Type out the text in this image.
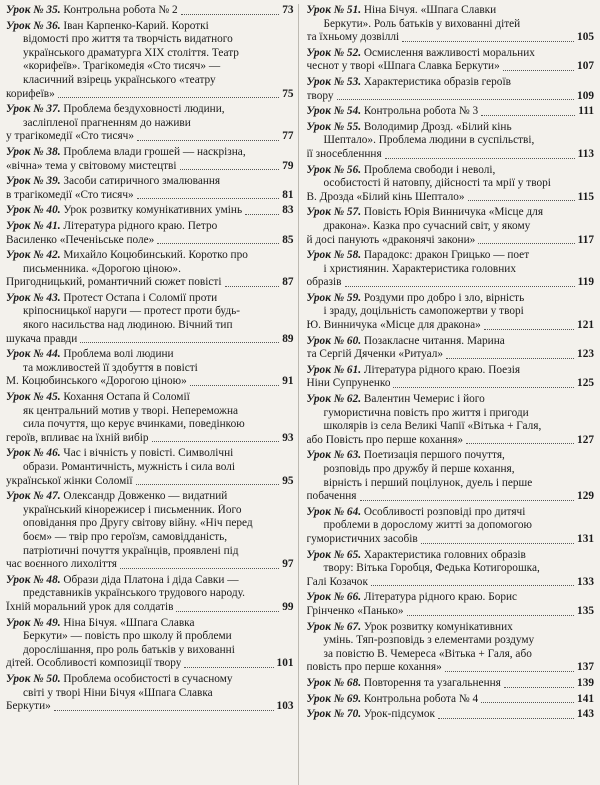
Урок № 35. Контрольна робота № 2	73
Урок № 36. Іван Карпенко-Карий. Короткі
відомості про життя та творчість видатного
українського драматурга XIX століття. Театр
«корифеїв». Трагікомедія «Сто тисяч» —
класичний взірець українського «театру
корифеїв»	75
Урок № 37. Проблема бездуховності людини,
засліпленої прагненням до наживи
у трагікомедії «Сто тисяч»	77
Урок № 38. Проблема влади грошей — наскрізна,
«вічна» тема у світовому мистецтві	79
Урок № 39. Засоби сатиричного змалювання
в трагікомедії «Сто тисяч»	81
Урок № 40. Урок розвитку комунікативних умінь	83
Урок № 41. Література рідного краю. Петро
Василенко «Печеніьське поле»	85
Урок № 42. Михайло Коцюбинський. Коротко про
письменника. «Дорогою ціною».
Пригодницький, романтичний сюжет повісті	87
Урок № 43. Протест Остапа і Соломії проти
кріпосницької наруги — протест проти будь-
якого насильства над людиною. Вічний тип
шукача правди	89
Урок № 44. Проблема волі людини
та можливостей її здобуття в повісті
М. Коцюбинського «Дорогою ціною»	91
Урок № 45. Кохання Остапа й Соломії
як центральний мотив у творі. Непереможна
сила почуття, що керує вчинками, поведінкою
героїв, впливає на їхній вибір	93
Урок № 46. Час і вічність у повісті. Символічні
образи. Романтичність, мужність і сила волі
української жінки Соломії	95
Урок № 47. Олександр Довженко — видатний
український кінорежисер і письменник. Його
оповідання про Другу світову війну. «Ніч перед
боєм» — твір про героїзм, самовідданість,
патріотичні почуття українців, проявлені під
час воєнного лихоліття	97
Урок № 48. Образи діда Платона і діда Савки —
представників українського трудового народу.
Їхній моральний урок для солдатів	99
Урок № 49. Ніна Бічуя. «Шпага Славка
Беркути» — повість про школу й проблеми
дорослішання, про роль батьків у вихованні
дітей. Особливості композиції твору	101
Урок № 50. Проблема особистості в сучасному
світі у творі Ніни Бічуя «Шпага Славка
Беркути»	103
Урок № 51. Ніна Бічуя. «Шпага Славки
Беркути». Роль батьків у вихованні дітей
та їхньому дозвіллі	105
Урок № 52. Осмислення важливості моральних
чеснот у творі «Шпага Славка Беркути»	107
Урок № 53. Характеристика образів героїв
твору	109
Урок № 54. Контрольна робота № 3	111
Урок № 55. Володимир Дрозд. «Білий кінь
Шептало». Проблема людини в суспільстві,
її зносебленння	113
Урок № 56. Проблема свободи і неволі,
особистості й натовпу, дійсності та мрії у творі
В. Дрозда «Білий кінь Шептало»	115
Урок № 57. Повість Юрія Винничука «Місце для
дракона». Казка про сучасний світ, у якому
й досі панують «драконячі закони»	117
Урок № 58. Парадокс: дракон Грицько — поет
і християнин. Характеристика головних
образів	119
Урок № 59. Роздуми про добро і зло, вірність
і зраду, доцільність самопожертви у творі
Ю. Винничука «Місце для дракона»	121
Урок № 60. Позакласне читання. Марина
та Сергій Дяченки «Ритуал»	123
Урок № 61. Література рідного краю. Поезія
Ніни Супруненко	125
Урок № 62. Валентин Чемерис і його
гумористична повість про життя і пригоди
школярів із села Великі Чапії «Вітька + Галя,
або Повість про перше кохання»	127
Урок № 63. Поетизація першого почуття,
розповідь про дружбу й перше кохання,
вірність і перший поцілунок, дуель і перше
побачення	129
Урок № 64. Особливості розповіді про дитячі
проблеми в дорослому житті за допомогою
гумористичних засобів	131
Урок № 65. Характеристика головних образів
твору: Вітька Горобця, Федька Котигорошка,
Галі Козачок	133
Урок № 66. Література рідного краю. Борис
Грінченко «Панько»	135
Урок № 67. Урок розвитку комунікативних
умінь. Тяп-розповідь з елементами роздуму
за повістю В. Чемереса «Вітька + Галя, або
повість про перше кохання»	137
Урок № 68. Повторення та узагальнення	139
Урок № 69. Контрольна робота № 4	141
Урок № 70. Урок-підсумок	143
